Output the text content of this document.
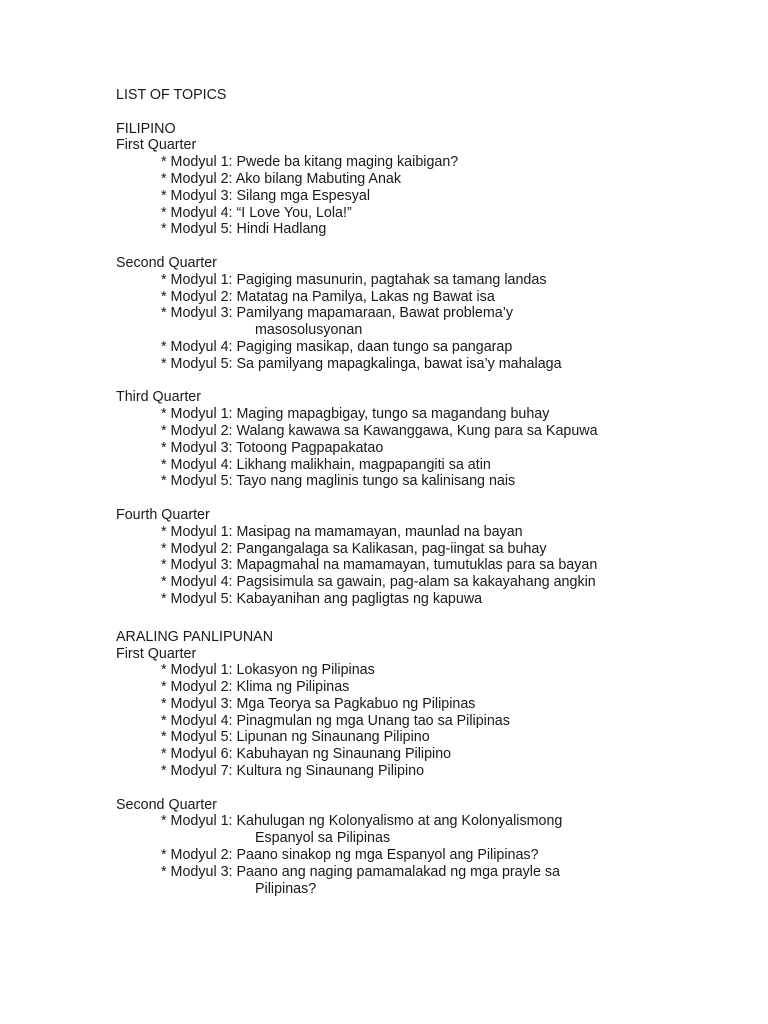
LIST OF TOPICS
FILIPINO
First Quarter
* Modyul 1: Pwede ba kitang maging kaibigan?
* Modyul 2: Ako bilang Mabuting Anak
* Modyul 3: Silang mga Espesyal
* Modyul 4: “I Love You, Lola!”
* Modyul 5: Hindi Hadlang
Second Quarter
* Modyul 1: Pagiging masunurin, pagtahak sa tamang landas
* Modyul 2: Matatag na Pamilya, Lakas ng Bawat isa
* Modyul 3: Pamilyang mapamaraan, Bawat problema’y
masosolusyonan
* Modyul 4: Pagiging masikap, daan tungo sa pangarap
* Modyul 5: Sa pamilyang mapagkalinga, bawat isa’y mahalaga
Third Quarter
* Modyul 1: Maging mapagbigay, tungo sa magandang buhay
* Modyul 2: Walang kawawa sa Kawanggawa, Kung para sa Kapuwa
* Modyul 3: Totoong Pagpapakatao
* Modyul 4: Likhang malikhain, magpapangiti sa atin
* Modyul 5: Tayo nang maglinis tungo sa kalinisang nais
Fourth Quarter
* Modyul 1: Masipag na mamamayan, maunlad na bayan
* Modyul 2: Pangangalaga sa Kalikasan, pag-iingat sa buhay
* Modyul 3: Mapagmahal na mamamayan, tumutuklas para sa bayan
* Modyul 4: Pagsisimula sa gawain, pag-alam sa kakayahang angkin
* Modyul 5: Kabayanihan ang pagligtas ng kapuwa
ARALING PANLIPUNAN
First Quarter
* Modyul 1: Lokasyon ng Pilipinas
* Modyul 2: Klima ng Pilipinas
* Modyul 3: Mga Teorya sa Pagkabuo ng Pilipinas
* Modyul 4: Pinagmulan ng mga Unang tao sa Pilipinas
* Modyul 5: Lipunan ng Sinaunang Pilipino
* Modyul 6: Kabuhayan ng Sinaunang Pilipino
* Modyul 7: Kultura ng Sinaunang Pilipino
Second Quarter
* Modyul 1: Kahulugan ng Kolonyalismo at ang Kolonyalismong
Espanyol sa Pilipinas
* Modyul 2: Paano sinakop ng mga Espanyol ang Pilipinas?
* Modyul 3: Paano ang naging pamamalakad ng mga prayle sa
Pilipinas?
